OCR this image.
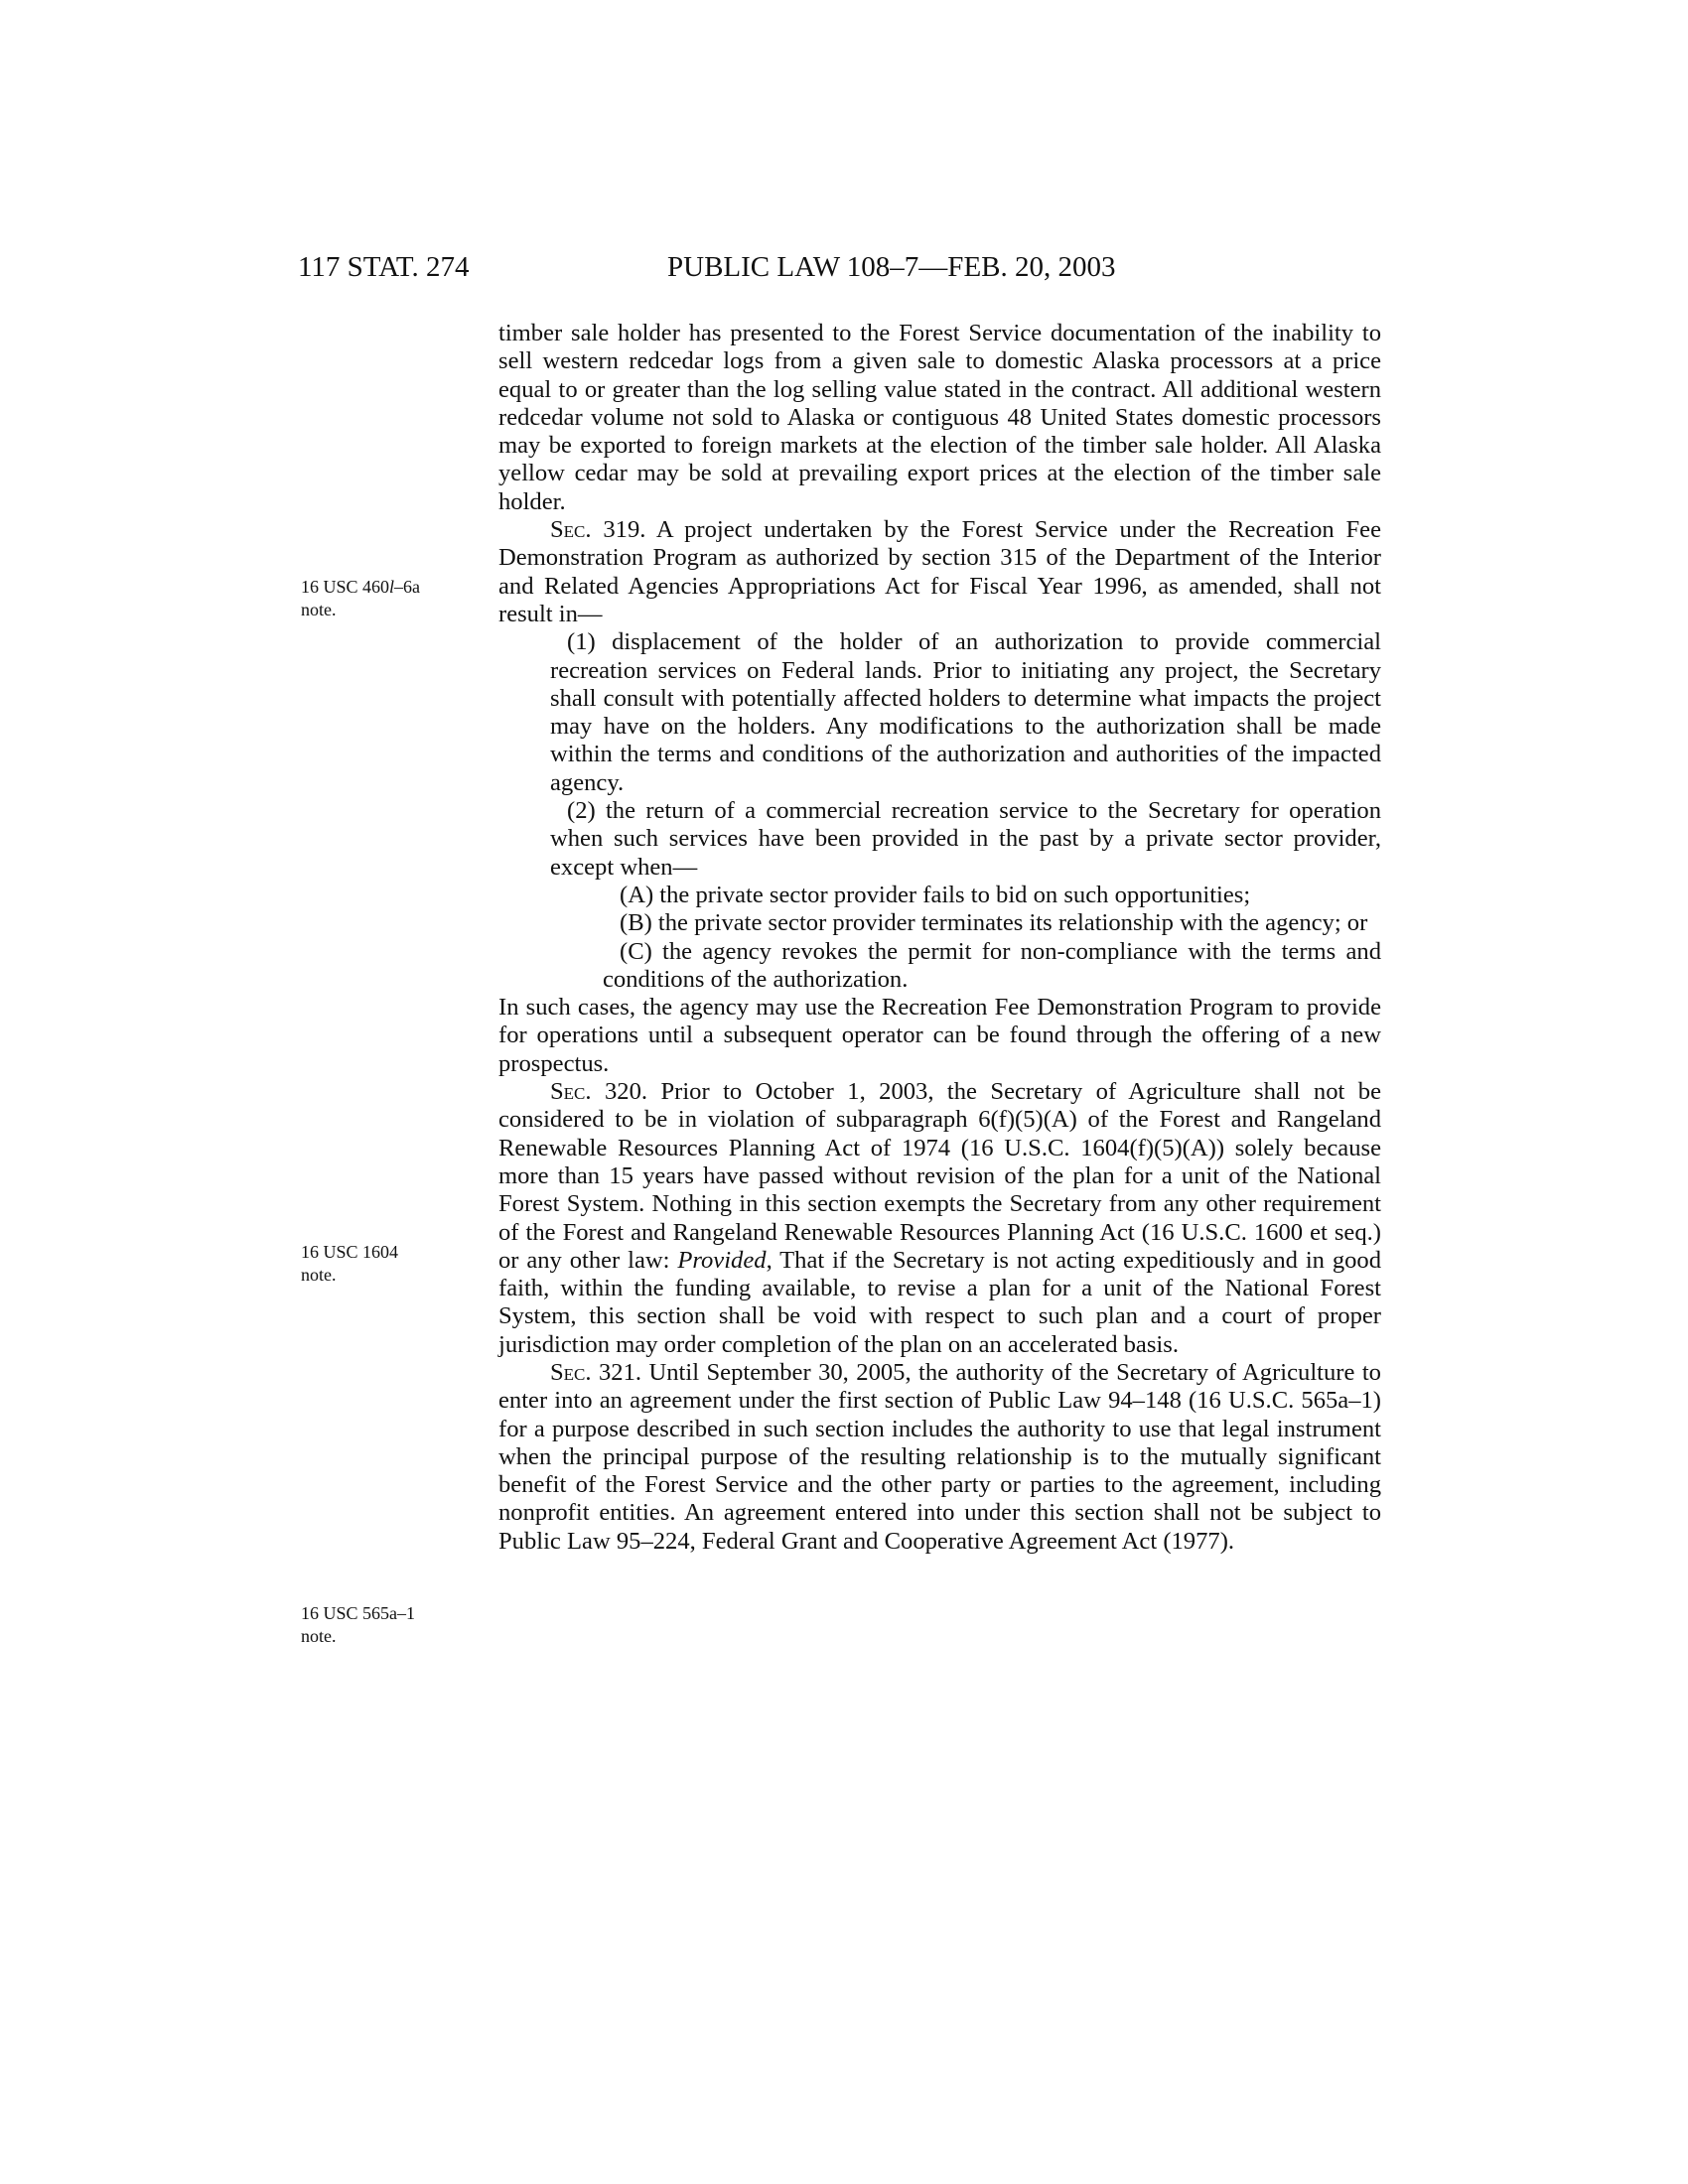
117 STAT. 274	PUBLIC LAW 108–7—FEB. 20, 2003
16 USC 460l–6a
note.
16 USC 1604
note.
16 USC 565a–1
note.

timber sale holder has presented to the Forest Service documentation of the inability to sell western redcedar logs from a given sale to domestic Alaska processors at a price equal to or greater than the log selling value stated in the contract. All additional western redcedar volume not sold to Alaska or contiguous 48 United States domestic processors may be exported to foreign markets at the election of the timber sale holder. All Alaska yellow cedar may be sold at prevailing export prices at the election of the timber sale holder.

Sec. 319. A project undertaken by the Forest Service under the Recreation Fee Demonstration Program as authorized by section 315 of the Department of the Interior and Related Agencies Appropriations Act for Fiscal Year 1996, as amended, shall not result in—

(1) displacement of the holder of an authorization to provide commercial recreation services on Federal lands. Prior to initiating any project, the Secretary shall consult with potentially affected holders to determine what impacts the project may have on the holders. Any modifications to the authorization shall be made within the terms and conditions of the authorization and authorities of the impacted agency.

(2) the return of a commercial recreation service to the Secretary for operation when such services have been provided in the past by a private sector provider, except when—

(A) the private sector provider fails to bid on such opportunities;

(B) the private sector provider terminates its relationship with the agency; or

(C) the agency revokes the permit for non-compliance with the terms and conditions of the authorization.

In such cases, the agency may use the Recreation Fee Demonstration Program to provide for operations until a subsequent operator can be found through the offering of a new prospectus.

Sec. 320. Prior to October 1, 2003, the Secretary of Agriculture shall not be considered to be in violation of subparagraph 6(f)(5)(A) of the Forest and Rangeland Renewable Resources Planning Act of 1974 (16 U.S.C. 1604(f)(5)(A)) solely because more than 15 years have passed without revision of the plan for a unit of the National Forest System. Nothing in this section exempts the Secretary from any other requirement of the Forest and Rangeland Renewable Resources Planning Act (16 U.S.C. 1600 et seq.) or any other law: Provided, That if the Secretary is not acting expeditiously and in good faith, within the funding available, to revise a plan for a unit of the National Forest System, this section shall be void with respect to such plan and a court of proper jurisdiction may order completion of the plan on an accelerated basis.

Sec. 321. Until September 30, 2005, the authority of the Secretary of Agriculture to enter into an agreement under the first section of Public Law 94–148 (16 U.S.C. 565a–1) for a purpose described in such section includes the authority to use that legal instrument when the principal purpose of the resulting relationship is to the mutually significant benefit of the Forest Service and the other party or parties to the agreement, including nonprofit entities. An agreement entered into under this section shall not be subject to Public Law 95–224, Federal Grant and Cooperative Agreement Act (1977).
